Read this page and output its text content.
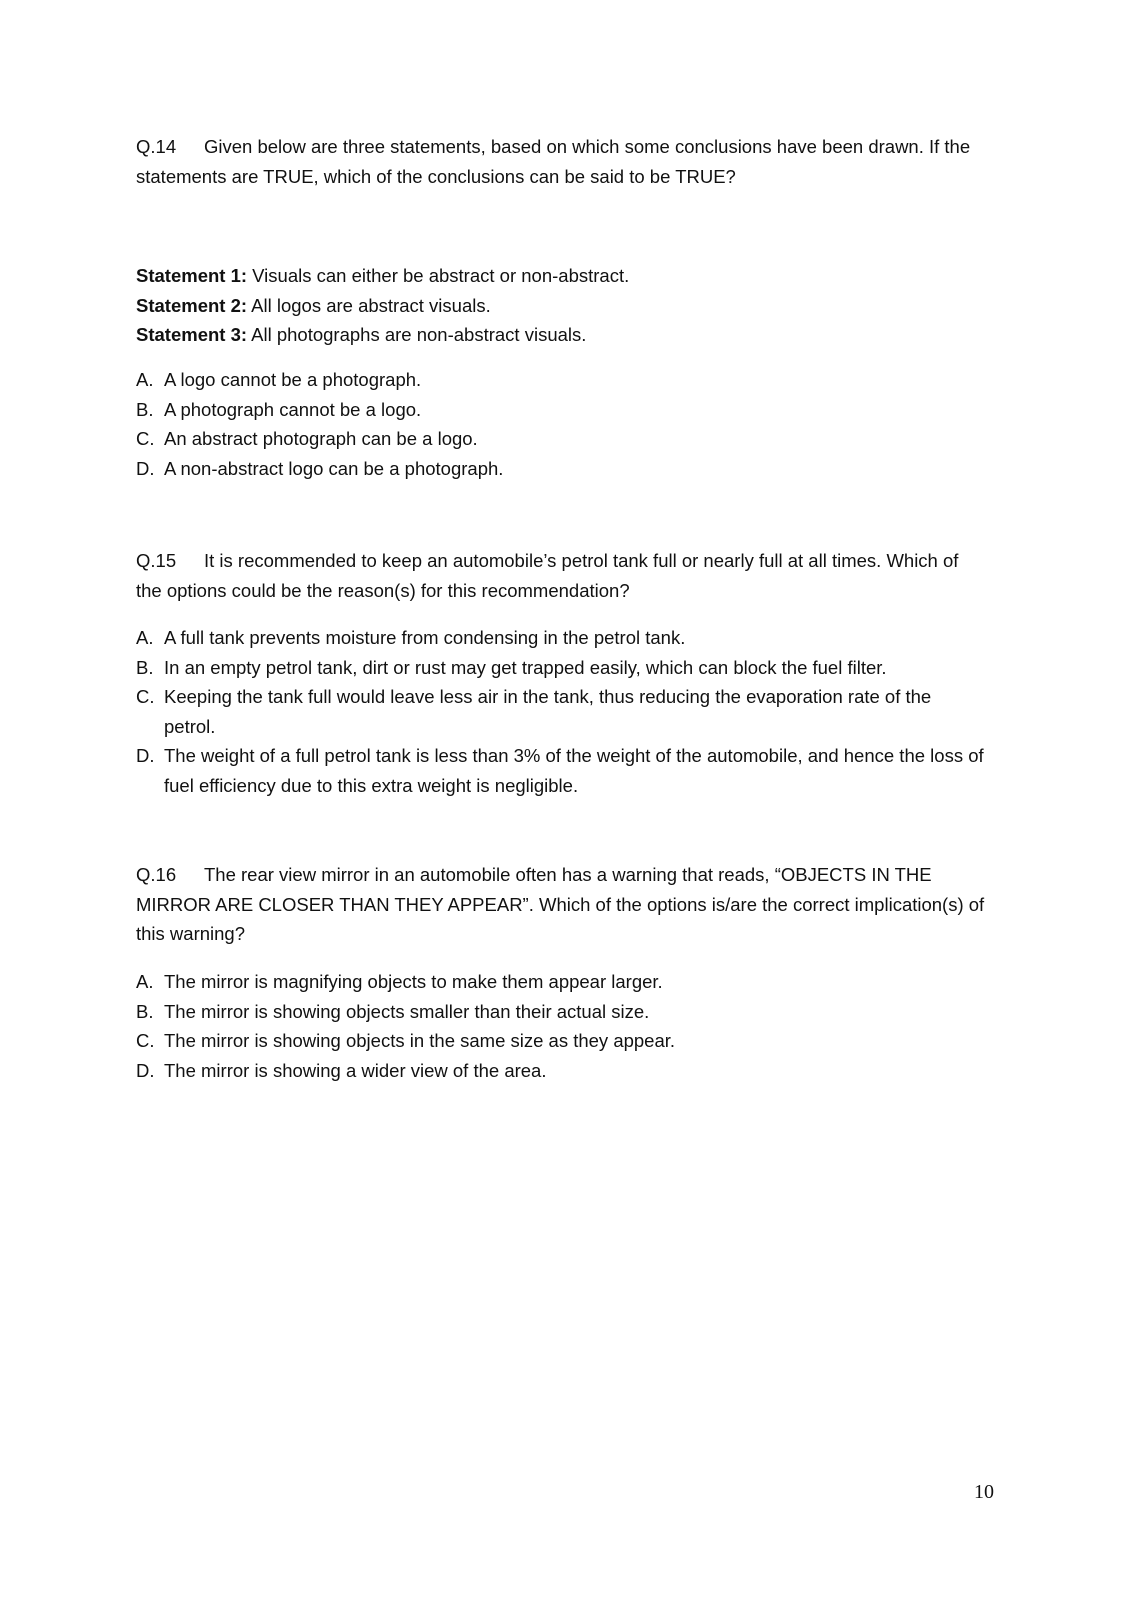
Q.14 Given below are three statements, based on which some conclusions have been drawn. If the statements are TRUE, which of the conclusions can be said to be TRUE?

Statement 1: Visuals can either be abstract or non-abstract.

Statement 2: All logos are abstract visuals.

Statement 3: All photographs are non-abstract visuals.

A. A logo cannot be a photograph.
B. A photograph cannot be a logo.
C. An abstract photograph can be a logo.
D. A non-abstract logo can be a photograph.

Q.15 It is recommended to keep an automobile’s petrol tank full or nearly full at all times. Which of the options could be the reason(s) for this recommendation?

A. A full tank prevents moisture from condensing in the petrol tank.
B. In an empty petrol tank, dirt or rust may get trapped easily, which can block the fuel filter.
C. Keeping the tank full would leave less air in the tank, thus reducing the evaporation rate of the petrol.
D. The weight of a full petrol tank is less than 3% of the weight of the automobile, and hence the loss of fuel efficiency due to this extra weight is negligible.

Q.16 The rear view mirror in an automobile often has a warning that reads, “OBJECTS IN THE MIRROR ARE CLOSER THAN THEY APPEAR”. Which of the options is/are the correct implication(s) of this warning?

A. The mirror is magnifying objects to make them appear larger.
B. The mirror is showing objects smaller than their actual size.
C. The mirror is showing objects in the same size as they appear.
D. The mirror is showing a wider view of the area.
10
